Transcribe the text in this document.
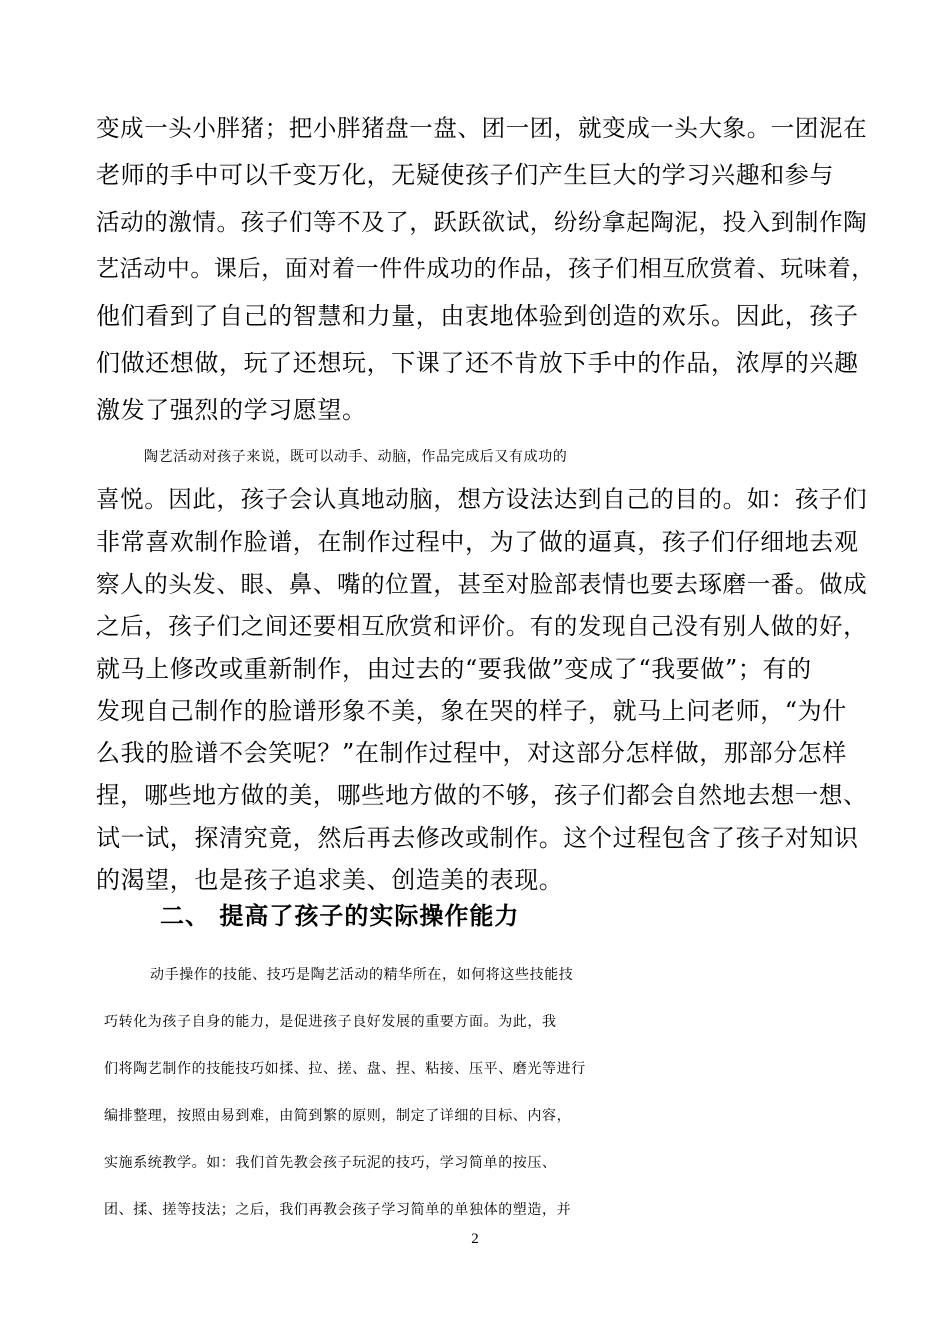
变成一头小胖猪；把小胖猪盘一盘、团一团，就变成一头大象。一团泥在
老师的手中可以千变万化，无疑使孩子们产生巨大的学习兴趣和参与
活动的激情。孩子们等不及了，跃跃欲试，纷纷拿起陶泥，投入到制作陶
艺活动中。课后，面对着一件件成功的作品，孩子们相互欣赏着、玩味着，
他们看到了自己的智慧和力量，由衷地体验到创造的欢乐。因此，孩子
们做还想做，玩了还想玩，下课了还不肯放下手中的作品，浓厚的兴趣
激发了强烈的学习愿望。
陶艺活动对孩子来说，既可以动手、动脑，作品完成后又有成功的
喜悦。因此，孩子会认真地动脑，想方设法达到自己的目的。如：孩子们
非常喜欢制作脸谱，在制作过程中，为了做的逼真，孩子们仔细地去观
察人的头发、眼、鼻、嘴的位置，甚至对脸部表情也要去琢磨一番。做成
之后，孩子们之间还要相互欣赏和评价。有的发现自己没有别人做的好，
就马上修改或重新制作，由过去的“要我做”变成了“我要做”；有的
发现自己制作的脸谱形象不美，象在哭的样子，就马上问老师，“为什
么我的脸谱不会笑呢？”在制作过程中，对这部分怎样做，那部分怎样
捏，哪些地方做的美，哪些地方做的不够，孩子们都会自然地去想一想、
试一试，探清究竟，然后再去修改或制作。这个过程包含了孩子对知识
的渴望，也是孩子追求美、创造美的表现。
二、 提高了孩子的实际操作能力
动手操作的技能、技巧是陶艺活动的精华所在，如何将这些技能技
巧转化为孩子自身的能力，是促进孩子良好发展的重要方面。为此，我
们将陶艺制作的技能技巧如揉、拉、搓、盘、捏、粘接、压平、磨光等进行
编排整理，按照由易到难，由简到繁的原则，制定了详细的目标、内容，
实施系统教学。如：我们首先教会孩子玩泥的技巧，学习简单的按压、
团、揉、搓等技法；之后，我们再教会孩子学习简单的单独体的塑造，并
2
